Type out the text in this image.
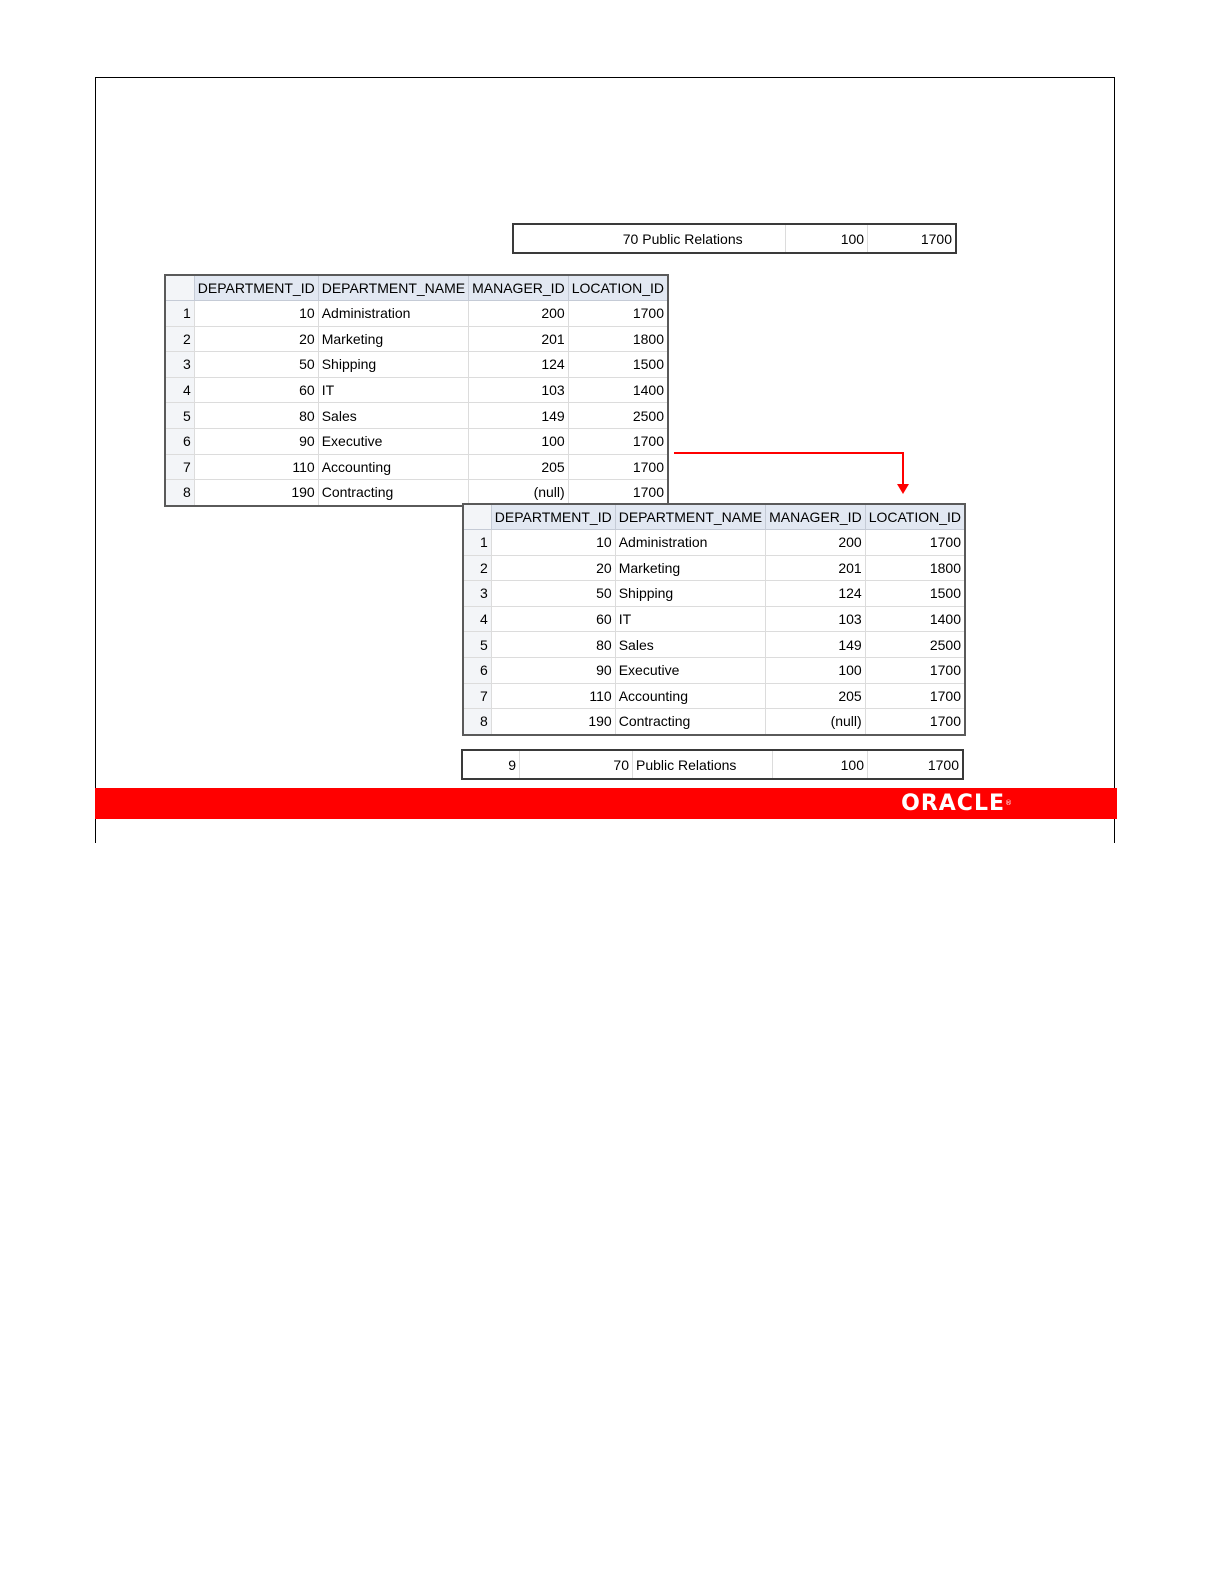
70 Public Relations	100	1700
	DEPARTMENT_ID	DEPARTMENT_NAME	MANAGER_ID	LOCATION_ID
1	10	Administration	200	1700
2	20	Marketing	201	1800
3	50	Shipping	124	1500
4	60	IT	103	1400
5	80	Sales	149	2500
6	90	Executive	100	1700
7	110	Accounting	205	1700
8	190	Contracting	(null)	1700
	DEPARTMENT_ID	DEPARTMENT_NAME	MANAGER_ID	LOCATION_ID
1	10	Administration	200	1700
2	20	Marketing	201	1800
3	50	Shipping	124	1500
4	60	IT	103	1400
5	80	Sales	149	2500
6	90	Executive	100	1700
7	110	Accounting	205	1700
8	190	Contracting	(null)	1700
9	70	Public Relations	100	1700
ORACLE®
